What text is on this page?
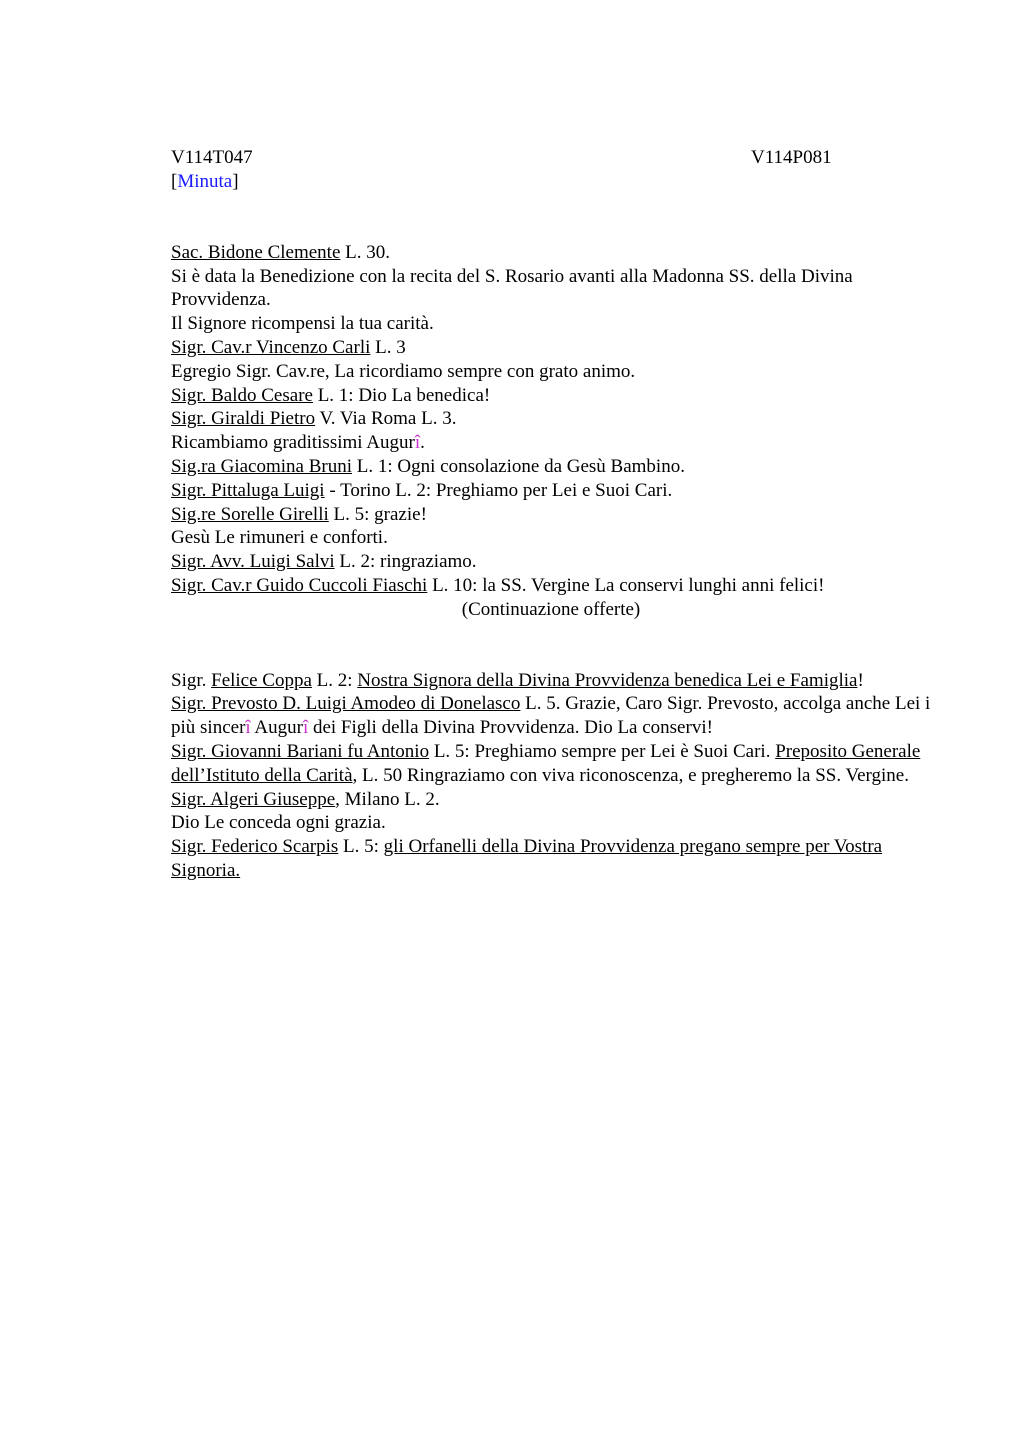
V114T047	V114P081

[Minuta]

Sac. Bidone Clemente L. 30.

Si è data la Benedizione con la recita del S. Rosario avanti alla Madonna SS. della Divina Provvidenza.

Il Signore ricompensi la tua carità.

Sigr. Cav.r Vincenzo Carli L. 3

Egregio Sigr. Cav.re, La ricordiamo sempre con grato animo.

Sigr. Baldo Cesare L. 1: Dio La benedica!

Sigr. Giraldi Pietro V. Via Roma L. 3.

Ricambiamo graditissimi Augurî.

Sig.ra Giacomina Bruni L. 1: Ogni consolazione da Gesù Bambino.

Sigr. Pittaluga Luigi - Torino L. 2: Preghiamo per Lei e Suoi Cari.

Sig.re Sorelle Girelli L. 5: grazie!

Gesù Le rimuneri e conforti.

Sigr. Avv. Luigi Salvi L. 2: ringraziamo.

Sigr. Cav.r Guido Cuccoli Fiaschi L. 10: la SS. Vergine La conservi lunghi anni felici!

(Continuazione offerte)

Sigr. Felice Coppa L. 2: Nostra Signora della Divina Provvidenza benedica Lei e Famiglia!

Sigr. Prevosto D. Luigi Amodeo di Donelasco L. 5. Grazie, Caro Sigr. Prevosto, accolga anche Lei i più sincerî Augurî dei Figli della Divina Provvidenza. Dio La conservi!

Sigr. Giovanni Bariani fu Antonio L. 5: Preghiamo sempre per Lei è Suoi Cari. Preposito Generale dell’Istituto della Carità, L. 50 Ringraziamo con viva riconoscenza, e pregheremo la SS. Vergine.

Sigr. Algeri Giuseppe, Milano L. 2.

Dio Le conceda ogni grazia.

Sigr. Federico Scarpis L. 5: gli Orfanelli della Divina Provvidenza pregano sempre per Vostra Signoria.
